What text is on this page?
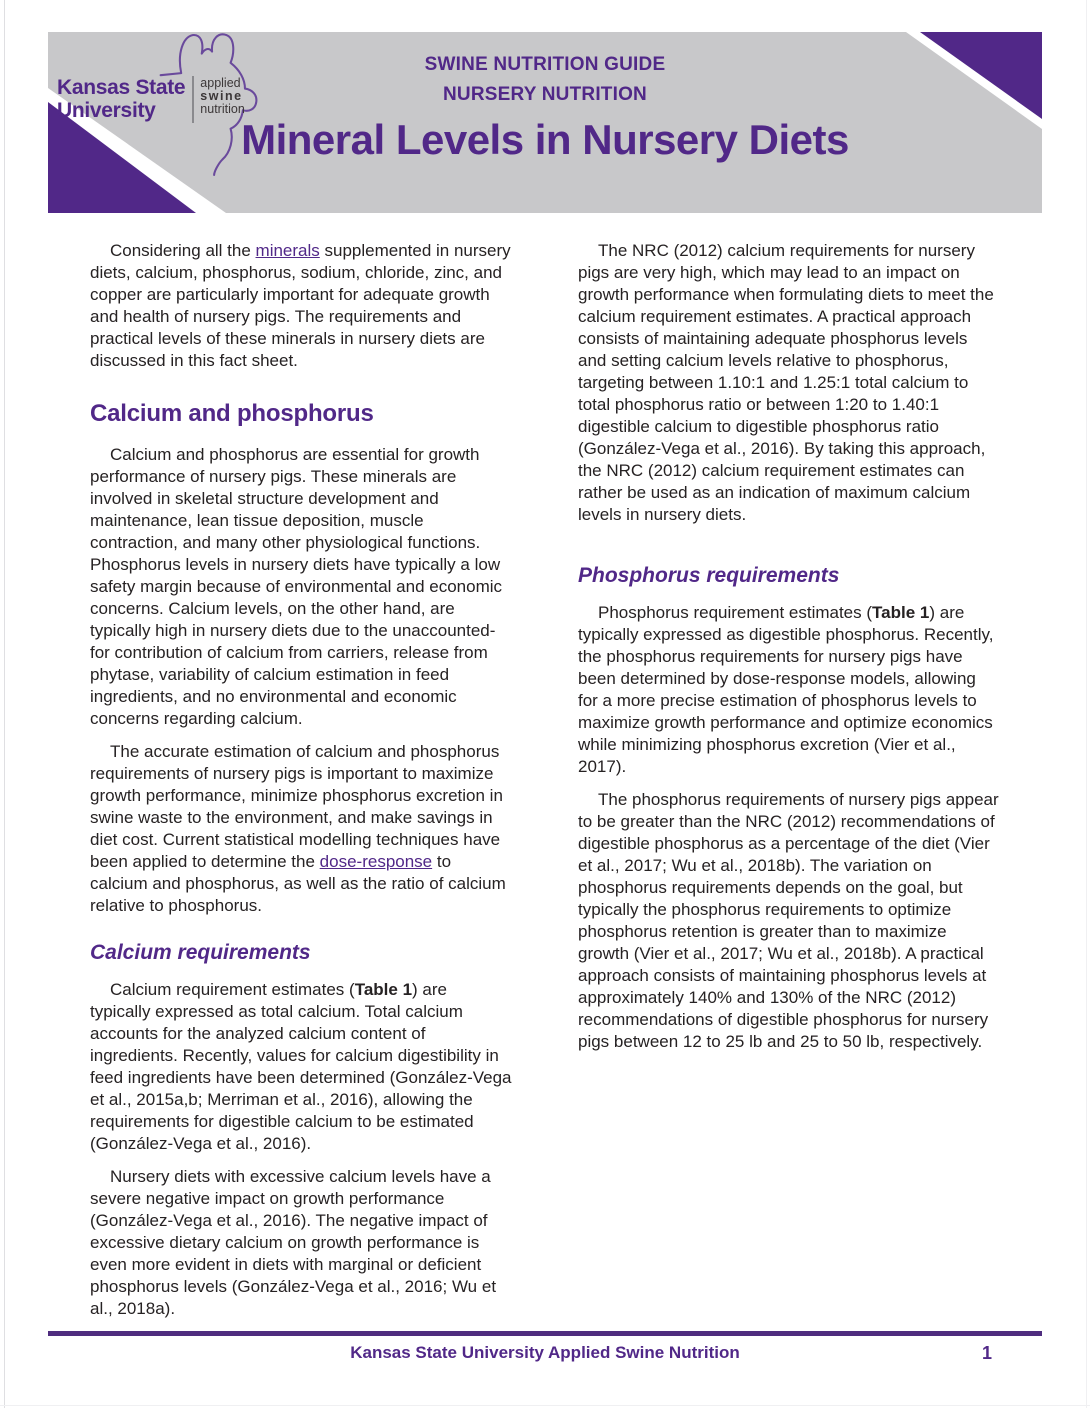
Kansas State
University
applied
swine
nutrition
SWINE NUTRITION GUIDE
NURSERY NUTRITION
Mineral Levels in Nursery Diets

Considering all the minerals supplemented in nursery diets, calcium, phosphorus, sodium, chloride, zinc, and copper are particularly important for adequate growth and health of nursery pigs. The requirements and practical levels of these minerals in nursery diets are discussed in this fact sheet.

Calcium and phosphorus

Calcium and phosphorus are essential for growth performance of nursery pigs. These minerals are involved in skeletal structure development and maintenance, lean tissue deposition, muscle contraction, and many other physiological functions. Phosphorus levels in nursery diets have typically a low safety margin because of environmental and economic concerns. Calcium levels, on the other hand, are typically high in nursery diets due to the unaccounted-for contribution of calcium from carriers, release from phytase, variability of calcium estimation in feed ingredients, and no environmental and economic concerns regarding calcium.

The accurate estimation of calcium and phosphorus requirements of nursery pigs is important to maximize growth performance, minimize phosphorus excretion in swine waste to the environment, and make savings in diet cost. Current statistical modelling techniques have been applied to determine the dose-response to calcium and phosphorus, as well as the ratio of calcium relative to phosphorus.

Calcium requirements

Calcium requirement estimates (Table 1) are typically expressed as total calcium. Total calcium accounts for the analyzed calcium content of ingredients. Recently, values for calcium digestibility in feed ingredients have been determined (González-Vega et al., 2015a,b; Merriman et al., 2016), allowing the requirements for digestible calcium to be estimated (González-Vega et al., 2016).

Nursery diets with excessive calcium levels have a severe negative impact on growth performance (González-Vega et al., 2016). The negative impact of excessive dietary calcium on growth performance is even more evident in diets with marginal or deficient phosphorus levels (González-Vega et al., 2016; Wu et al., 2018a).

The NRC (2012) calcium requirements for nursery pigs are very high, which may lead to an impact on growth performance when formulating diets to meet the calcium requirement estimates. A practical approach consists of maintaining adequate phosphorus levels and setting calcium levels relative to phosphorus, targeting between 1.10:1 and 1.25:1 total calcium to total phosphorus ratio or between 1:20 to 1.40:1 digestible calcium to digestible phosphorus ratio (González-Vega et al., 2016). By taking this approach, the NRC (2012) calcium requirement estimates can rather be used as an indication of maximum calcium levels in nursery diets.

Phosphorus requirements

Phosphorus requirement estimates (Table 1) are typically expressed as digestible phosphorus. Recently, the phosphorus requirements for nursery pigs have been determined by dose-response models, allowing for a more precise estimation of phosphorus levels to maximize growth performance and optimize economics while minimizing phosphorus excretion (Vier et al., 2017).

The phosphorus requirements of nursery pigs appear to be greater than the NRC (2012) recommendations of digestible phosphorus as a percentage of the diet (Vier et al., 2017; Wu et al., 2018b). The variation on phosphorus requirements depends on the goal, but typically the phosphorus requirements to optimize phosphorus retention is greater than to maximize growth (Vier et al., 2017; Wu et al., 2018b). A practical approach consists of maintaining phosphorus levels at approximately 140% and 130% of the NRC (2012) recommendations of digestible phosphorus for nursery pigs between 12 to 25 lb and 25 to 50 lb, respectively.

Kansas State University Applied Swine Nutrition	1
